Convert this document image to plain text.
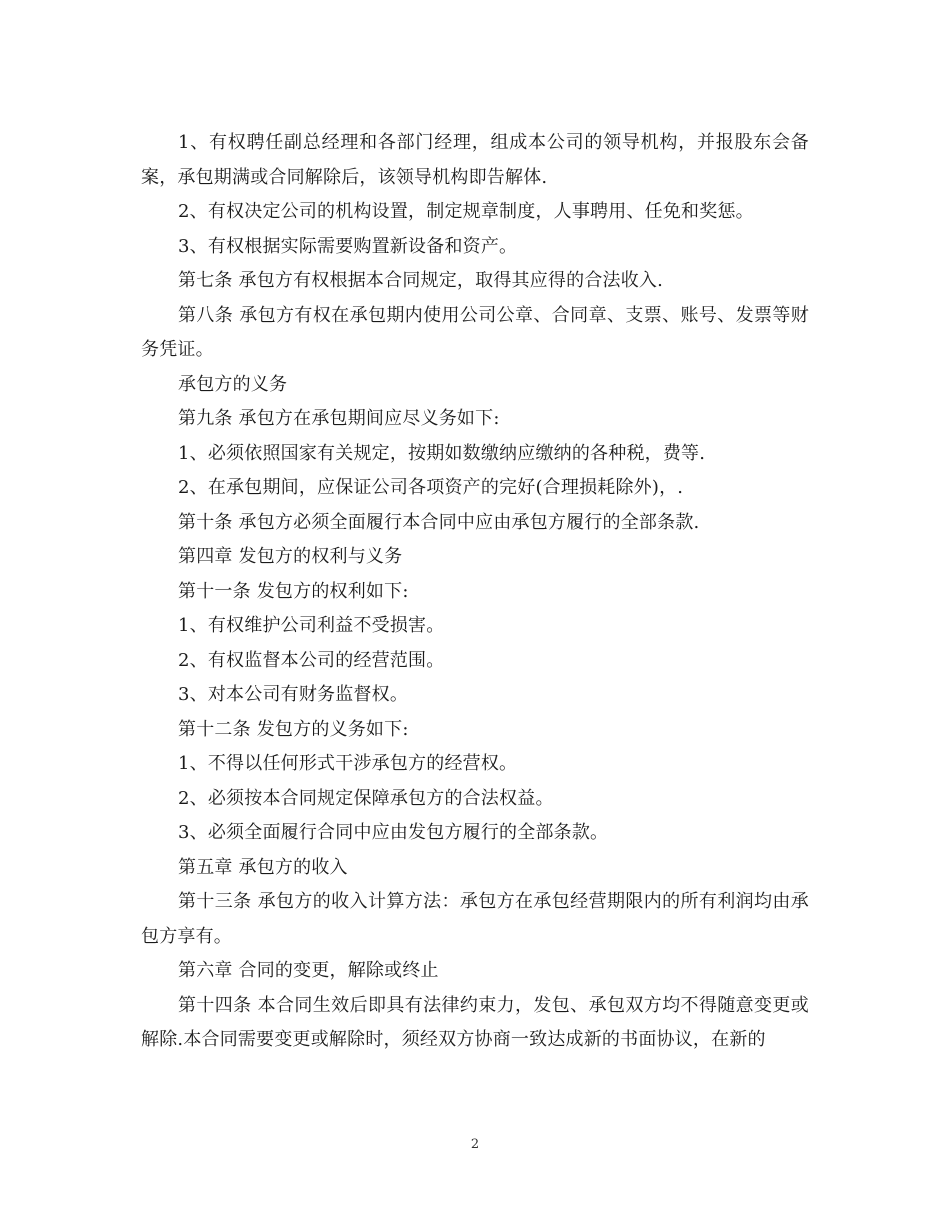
1、有权聘任副总经理和各部门经理，组成本公司的领导机构，并报股东会备案，承包期满或合同解除后，该领导机构即告解体.

2、有权决定公司的机构设置，制定规章制度，人事聘用、任免和奖惩。

3、有权根据实际需要购置新设备和资产。

第七条 承包方有权根据本合同规定，取得其应得的合法收入.

第八条 承包方有权在承包期内使用公司公章、合同章、支票、账号、发票等财务凭证。

承包方的义务

第九条 承包方在承包期间应尽义务如下:

1、必须依照国家有关规定，按期如数缴纳应缴纳的各种税，费等.

2、在承包期间，应保证公司各项资产的完好(合理损耗除外)，.

第十条 承包方必须全面履行本合同中应由承包方履行的全部条款.

第四章 发包方的权利与义务

第十一条 发包方的权利如下:

1、有权维护公司利益不受损害。

2、有权监督本公司的经营范围。

3、对本公司有财务监督权。

第十二条 发包方的义务如下:

1、不得以任何形式干涉承包方的经营权。

2、必须按本合同规定保障承包方的合法权益。

3、必须全面履行合同中应由发包方履行的全部条款。

第五章 承包方的收入

第十三条 承包方的收入计算方法：承包方在承包经营期限内的所有利润均由承包方享有。

第六章 合同的变更，解除或终止

第十四条 本合同生效后即具有法律约束力，发包、承包双方均不得随意变更或解除.本合同需要变更或解除时，须经双方协商一致达成新的书面协议，在新的

2
